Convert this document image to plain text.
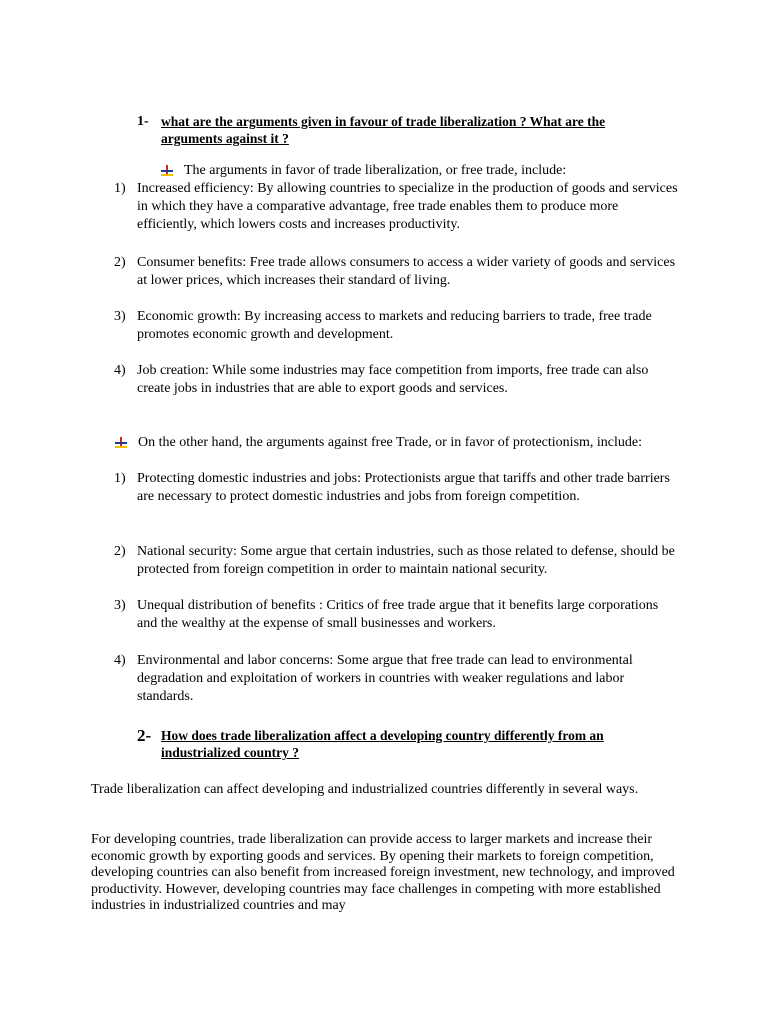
1- what are the arguments given in favour of trade liberalization ? What are the arguments against it ?
The arguments in favor of trade liberalization, or free trade, include:
1) Increased efficiency: By allowing countries to specialize in the production of goods and services in which they have a comparative advantage, free trade enables them to produce more efficiently, which lowers costs and increases productivity.
2) Consumer benefits: Free trade allows consumers to access a wider variety of goods and services at lower prices, which increases their standard of living.
3) Economic growth: By increasing access to markets and reducing barriers to trade, free trade promotes economic growth and development.
4) Job creation: While some industries may face competition from imports, free trade can also create jobs in industries that are able to export goods and services.
On the other hand, the arguments against free Trade, or in favor of protectionism, include:
1) Protecting domestic industries and jobs: Protectionists argue that tariffs and other trade barriers are necessary to protect domestic industries and jobs from foreign competition.
2) National security: Some argue that certain industries, such as those related to defense, should be protected from foreign competition in order to maintain national security.
3) Unequal distribution of benefits : Critics of free trade argue that it benefits large corporations and the wealthy at the expense of small businesses and workers.
4) Environmental and labor concerns: Some argue that free trade can lead to environmental degradation and exploitation of workers in countries with weaker regulations and labor standards.
2- How does trade liberalization affect a developing country differently from an industrialized country ?

Trade liberalization can affect developing and industrialized countries differently in several ways.

For developing countries, trade liberalization can provide access to larger markets and increase their economic growth by exporting goods and services. By opening their markets to foreign competition, developing countries can also benefit from increased foreign investment, new technology, and improved productivity. However, developing countries may face challenges in competing with more established industries in industrialized countries and may
